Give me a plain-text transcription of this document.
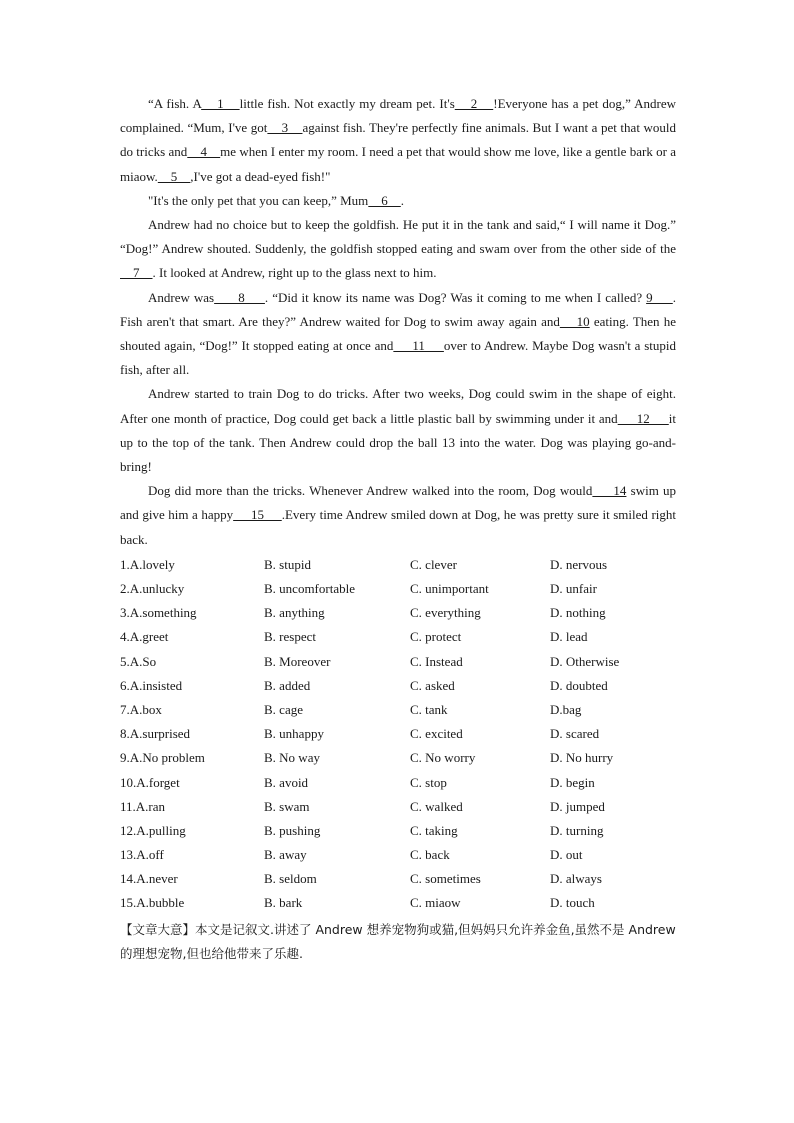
“A fish. A    1    little fish. Not exactly my dream pet. It's    2    !Everyone has a pet dog,” Andrew complained. “Mum, I've got    3    against fish. They're perfectly fine animals. But I want a pet that would do tricks and    4    me when I enter my room. I need a pet that would show me love, like a gentle bark or a miaow.    5    ,I've got a dead-eyed fish!"

"It's the only pet that you can keep,” Mum    6    .

Andrew had no choice but to keep the goldfish. He put it in the tank and said,“ I will name it Dog.” “Dog!” Andrew shouted. Suddenly, the goldfish stopped eating and swam over from the other side of the    7    . It looked at Andrew, right up to the glass next to him.

Andrew was      8     . “Did it know its name was Dog? Was it coming to me when I called? 9     . Fish aren't that smart. Are they?” Andrew waited for Dog to swim away again and    10 eating. Then he shouted again, “Dog!” It stopped eating at once and     11     over to Andrew. Maybe Dog wasn't a stupid fish, after all.

Andrew started to train Dog to do tricks. After two weeks, Dog could swim in the shape of eight. After one month of practice, Dog could get back a little plastic ball by swimming under it and     12     it up to the top of the tank. Then Andrew could drop the ball 13 into the water. Dog was playing go-and-bring!

Dog did more than the tricks. Whenever Andrew walked into the room, Dog would     14 swim up and give him a happy     15     .Every time Andrew smiled down at Dog, he was pretty sure it smiled right back.

1.A.lovely	B. stupid	C. clever	D. nervous
2.A.unlucky	B. uncomfortable	C. unimportant	D. unfair
3.A.something	B. anything	C. everything	D. nothing
4.A.greet	B. respect	C. protect	D. lead
5.A.So	B. Moreover	C. Instead	D. Otherwise
6.A.insisted	B. added	C. asked	D. doubted
7.A.box	B. cage	C. tank	D.bag
8.A.surprised	B. unhappy	C. excited	D. scared
9.A.No problem	B. No way	C. No worry	D. No hurry
10.A.forget	B. avoid	C. stop	D. begin
11.A.ran	B. swam	C. walked	D. jumped
12.A.pulling	B. pushing	C. taking	D. turning
13.A.off	B. away	C. back	D. out
14.A.never	B. seldom	C. sometimes	D. always
15.A.bubble	B. bark	C. miaow	D. touch

【文章大意】本文是记叙文.讲述了 Andrew 想养宠物狗或猫,但妈妈只允许养金鱼,虽然不是 Andrew 的理想宠物,但也给他带来了乐趣.
